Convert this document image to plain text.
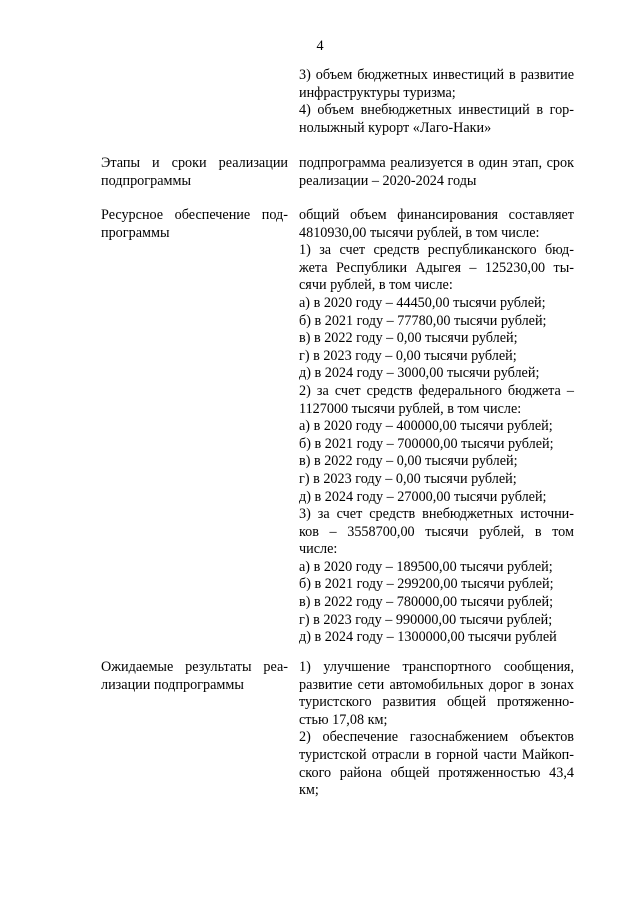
4
3) объем бюджетных инвестиций в развитие
инфраструктуры туризма;
4) объем внебюджетных инвестиций в гор-
нолыжный курорт «Лаго-Наки»
Этапы и сроки реализации
подпрограммы
подпрограмма реализуется в один этап, срок
реализации – 2020-2024 годы
Ресурсное обеспечение под-
программы
общий объем финансирования составляет
4810930,00 тысячи рублей, в том числе:
1) за счет средств республиканского бюд-
жета Республики Адыгея – 125230,00 ты-
сячи рублей, в том числе:
а) в 2020 году – 44450,00 тысячи рублей;
б) в 2021 году – 77780,00 тысячи рублей;
в) в 2022 году – 0,00 тысячи рублей;
г) в 2023 году – 0,00 тысячи рублей;
д) в 2024 году – 3000,00 тысячи рублей;
2) за счет средств федерального бюджета –
1127000 тысячи рублей, в том числе:
а) в 2020 году – 400000,00 тысячи рублей;
б) в 2021 году – 700000,00 тысячи рублей;
в) в 2022 году – 0,00 тысячи рублей;
г) в 2023 году – 0,00 тысячи рублей;
д) в 2024 году – 27000,00 тысячи рублей;
3) за счет средств внебюджетных источни-
ков – 3558700,00 тысячи рублей, в том
числе:
а) в 2020 году – 189500,00 тысячи рублей;
б) в 2021 году – 299200,00 тысячи рублей;
в) в 2022 году – 780000,00 тысячи рублей;
г) в 2023 году – 990000,00 тысячи рублей;
д) в 2024 году – 1300000,00 тысячи рублей
Ожидаемые результаты реа-
лизации подпрограммы
1) улучшение транспортного сообщения,
развитие сети автомобильных дорог в зонах
туристского развития общей протяженно-
стью 17,08 км;
2) обеспечение газоснабжением объектов
туристской отрасли в горной части Майкоп-
ского района общей протяженностью 43,4
км;
